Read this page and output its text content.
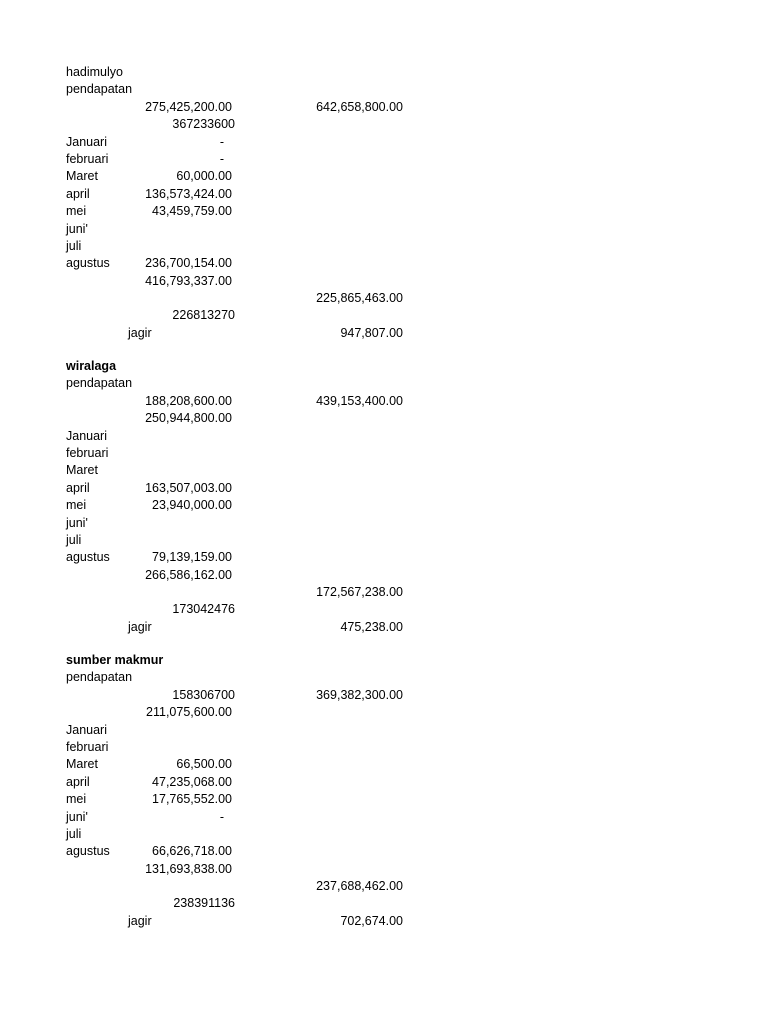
hadimulyo
pendapatan
275,425,200.00	642,658,800.00
367233600
Januari	-
februari	-
Maret	60,000.00
april	136,573,424.00
mei	43,459,759.00
juni'
juli
agustus	236,700,154.00
416,793,337.00
225,865,463.00
226813270
jagir	947,807.00
wiralaga
pendapatan
188,208,600.00	439,153,400.00
250,944,800.00
Januari
februari
Maret
april	163,507,003.00
mei	23,940,000.00
juni'
juli
agustus	79,139,159.00
266,586,162.00
172,567,238.00
173042476
jagir	475,238.00
sumber makmur
pendapatan
158306700	369,382,300.00
211,075,600.00
Januari
februari
Maret	66,500.00
april	47,235,068.00
mei	17,765,552.00
juni'	-
juli
agustus	66,626,718.00
131,693,838.00
237,688,462.00
238391136
jagir	702,674.00
